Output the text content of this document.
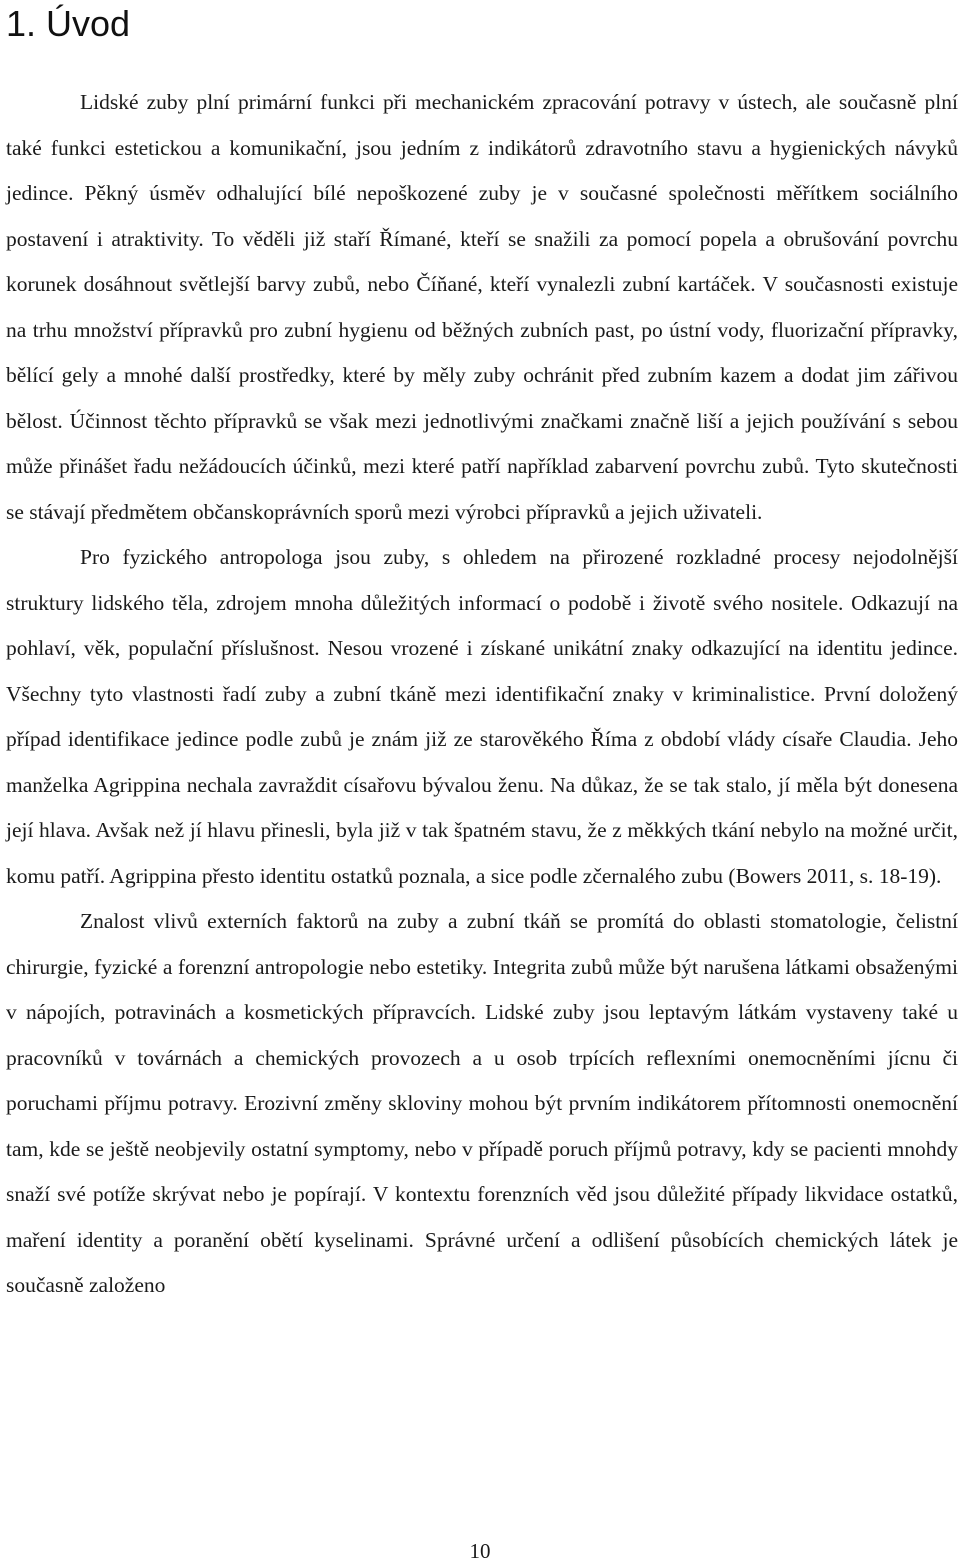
1. Úvod

Lidské zuby plní primární funkci při mechanickém zpracování potravy v ústech, ale současně plní také funkci estetickou a komunikační, jsou jedním z indikátorů zdravotního stavu a hygienických návyků jedince. Pěkný úsměv odhalující bílé nepoškozené zuby je v současné společnosti měřítkem sociálního postavení i atraktivity. To věděli již staří Římané, kteří se snažili za pomocí popela a obrušování povrchu korunek dosáhnout světlejší barvy zubů, nebo Číňané, kteří vynalezli zubní kartáček. V současnosti existuje na trhu množství přípravků pro zubní hygienu od běžných zubních past, po ústní vody, fluorizační přípravky, bělící gely a mnohé další prostředky, které by měly zuby ochránit před zubním kazem a dodat jim zářivou bělost. Účinnost těchto přípravků se však mezi jednotlivými značkami značně liší a jejich používání s sebou může přinášet řadu nežádoucích účinků, mezi které patří například zabarvení povrchu zubů. Tyto skutečnosti se stávají předmětem občanskoprávních sporů mezi výrobci přípravků a jejich uživateli.

Pro fyzického antropologa jsou zuby, s ohledem na přirozené rozkladné procesy nejodolnější struktury lidského těla, zdrojem mnoha důležitých informací o podobě i životě svého nositele. Odkazují na pohlaví, věk, populační příslušnost. Nesou vrozené i získané unikátní znaky odkazující na identitu jedince. Všechny tyto vlastnosti řadí zuby a zubní tkáně mezi identifikační znaky v kriminalistice. První doložený případ identifikace jedince podle zubů je znám již ze starověkého Říma z období vlády císaře Claudia. Jeho manželka Agrippina nechala zavraždit císařovu bývalou ženu. Na důkaz, že se tak stalo, jí měla být donesena její hlava. Avšak než jí hlavu přinesli, byla již v tak špatném stavu, že z měkkých tkání nebylo na možné určit, komu patří. Agrippina přesto identitu ostatků poznala, a sice podle zčernalého zubu (Bowers 2011, s. 18-19).

Znalost vlivů externích faktorů na zuby a zubní tkáň se promítá do oblasti stomatologie, čelistní chirurgie, fyzické a forenzní antropologie nebo estetiky. Integrita zubů může být narušena látkami obsaženými v nápojích, potravinách a kosmetických přípravcích. Lidské zuby jsou leptavým látkám vystaveny také u pracovníků v továrnách a chemických provozech a u osob trpících reflexními onemocněními jícnu či poruchami příjmu potravy. Erozivní změny skloviny mohou být prvním indikátorem přítomnosti onemocnění tam, kde se ještě neobjevily ostatní symptomy, nebo v případě poruch příjmů potravy, kdy se pacienti mnohdy snaží své potíže skrývat nebo je popírají. V kontextu forenzních věd jsou důležité případy likvidace ostatků, maření identity a poranění obětí kyselinami. Správné určení a odlišení působících chemických látek je současně založeno

10
